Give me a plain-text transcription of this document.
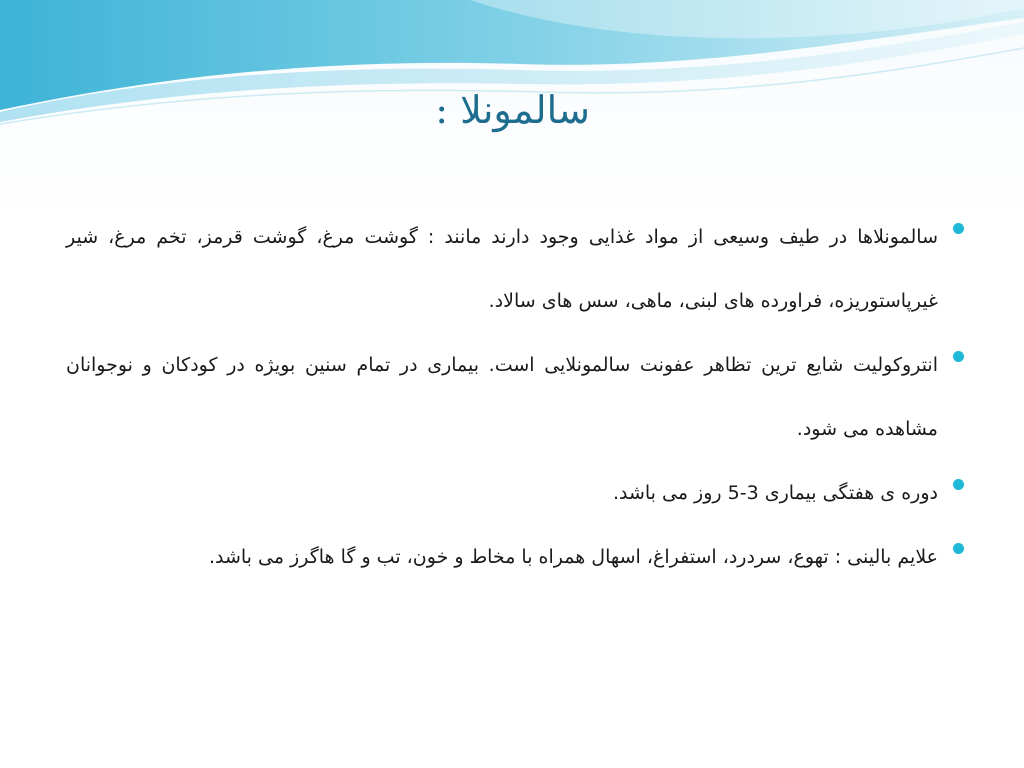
سالمونلا :
سالمونلاها در طیف وسیعی از مواد غذایی وجود دارند مانند : گوشت مرغ، گوشت قرمز، تخم مرغ، شیر غیرپاستوریزه، فراورده های لبنی، ماهی، سس های سالاد.
انتروکولیت شایع ترین تظاهر عفونت سالمونلایی است. بیماری در تمام سنین بویژه در کودکان و نوجوانان مشاهده می شود.
دوره ی هفتگی بیماری 3-5 روز می باشد.
علایم بالینی : تهوع، سردرد، استفراغ، اسهال همراه با مخاط و خون، تب و گا هاگرز می باشد.
